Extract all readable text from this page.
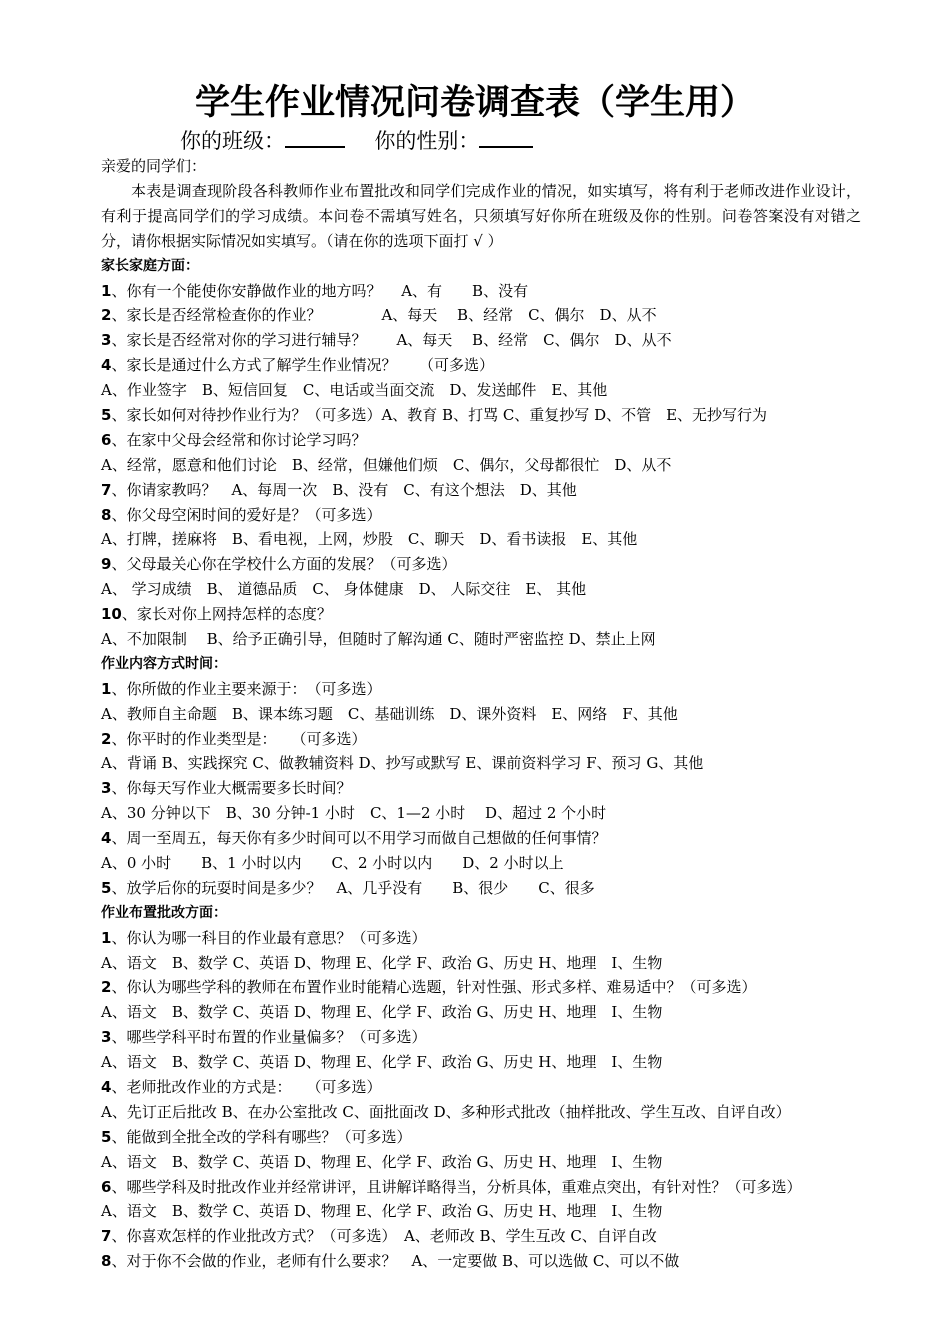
学生作业情况问卷调查表（学生用）
你的班级：	你的性别：
亲爱的同学们：
本表是调查现阶段各科教师作业布置批改和同学们完成作业的情况，如实填写，将有利于老师改进作业设计，有利于提高同学们的学习成绩。本问卷不需填写姓名，只须填写好你所在班级及你的性别。问卷答案没有对错之分，请你根据实际情况如实填写。（请在你的选项下面打 √ ）
家长家庭方面：
1、你有一个能使你安静做作业的地方吗？　 A、有　　B、没有
2、家长是否经常检查你的作业？　　　　A、每天　 B、经常　C、偶尔　D、从不
3、家长是否经常对你的学习进行辅导？　　A、每天　 B、经常　C、偶尔　D、从不
4、家长是通过什么方式了解学生作业情况？　　（可多选）
A、作业签字　B、短信回复　C、电话或当面交流　D、发送邮件　E、其他
5、家长如何对待抄作业行为？（可多选）A、教育 B、打骂 C、重复抄写 D、不管　E、无抄写行为
6、在家中父母会经常和你讨论学习吗？
A、经常，愿意和他们讨论　B、经常，但嫌他们烦　C、偶尔，父母都很忙　D、从不
7、你请家教吗？　A、每周一次　B、没有　C、有这个想法　D、其他
8、你父母空闲时间的爱好是？（可多选）
A、打牌，搓麻将　B、看电视，上网，炒股　C、聊天　D、看书读报　E、其他
9、父母最关心你在学校什么方面的发展？（可多选）
A、 学习成绩　B、 道德品质　C、 身体健康　D、 人际交往　E、 其他
10、家长对你上网持怎样的态度？
A、不加限制　 B、给予正确引导，但随时了解沟通 C、随时严密监控 D、禁止上网
作业内容方式时间：
1、你所做的作业主要来源于：　（可多选）
A、教师自主命题　B、课本练习题　C、基础训练　D、课外资料　E、网络　F、其他
2、你平时的作业类型是：　　（可多选）
A、背诵 B、实践探究 C、做教辅资料 D、抄写或默写 E、课前资料学习 F、预习 G、其他
3、你每天写作业大概需要多长时间？
A、30 分钟以下　B、30 分钟-1 小时　C、1—2 小时　 D、超过 2 个小时
4、周一至周五，每天你有多少时间可以不用学习而做自己想做的任何事情？
A、0 小时　　B、1 小时以内　　C、2 小时以内　　D、2 小时以上
5、放学后你的玩耍时间是多少？　A、几乎没有　　B、很少　　C、很多
作业布置批改方面：
1、你认为哪一科目的作业最有意思？（可多选）
A、语文　B、数学 C、英语 D、物理 E、化学 F、政治 G、历史 H、地理　I、生物
2、你认为哪些学科的教师在布置作业时能精心选题，针对性强、形式多样、难易适中？（可多选）
A、语文　B、数学 C、英语 D、物理 E、化学 F、政治 G、历史 H、地理　I、生物
3、哪些学科平时布置的作业量偏多？（可多选）
A、语文　B、数学 C、英语 D、物理 E、化学 F、政治 G、历史 H、地理　I、生物
4、老师批改作业的方式是：　　（可多选）
A、先订正后批改 B、在办公室批改 C、面批面改 D、多种形式批改（抽样批改、学生互改、自评自改）
5、能做到全批全改的学科有哪些？（可多选）
A、语文　B、数学 C、英语 D、物理 E、化学 F、政治 G、历史 H、地理　I、生物
6、哪些学科及时批改作业并经常讲评，且讲解详略得当，分析具体，重难点突出，有针对性？（可多选）
A、语文　B、数学 C、英语 D、物理 E、化学 F、政治 G、历史 H、地理　I、生物
7、你喜欢怎样的作业批改方式？（可多选）　A、老师改 B、学生互改 C、自评自改
8、对于你不会做的作业，老师有什么要求？　A、一定要做 B、可以选做 C、可以不做
